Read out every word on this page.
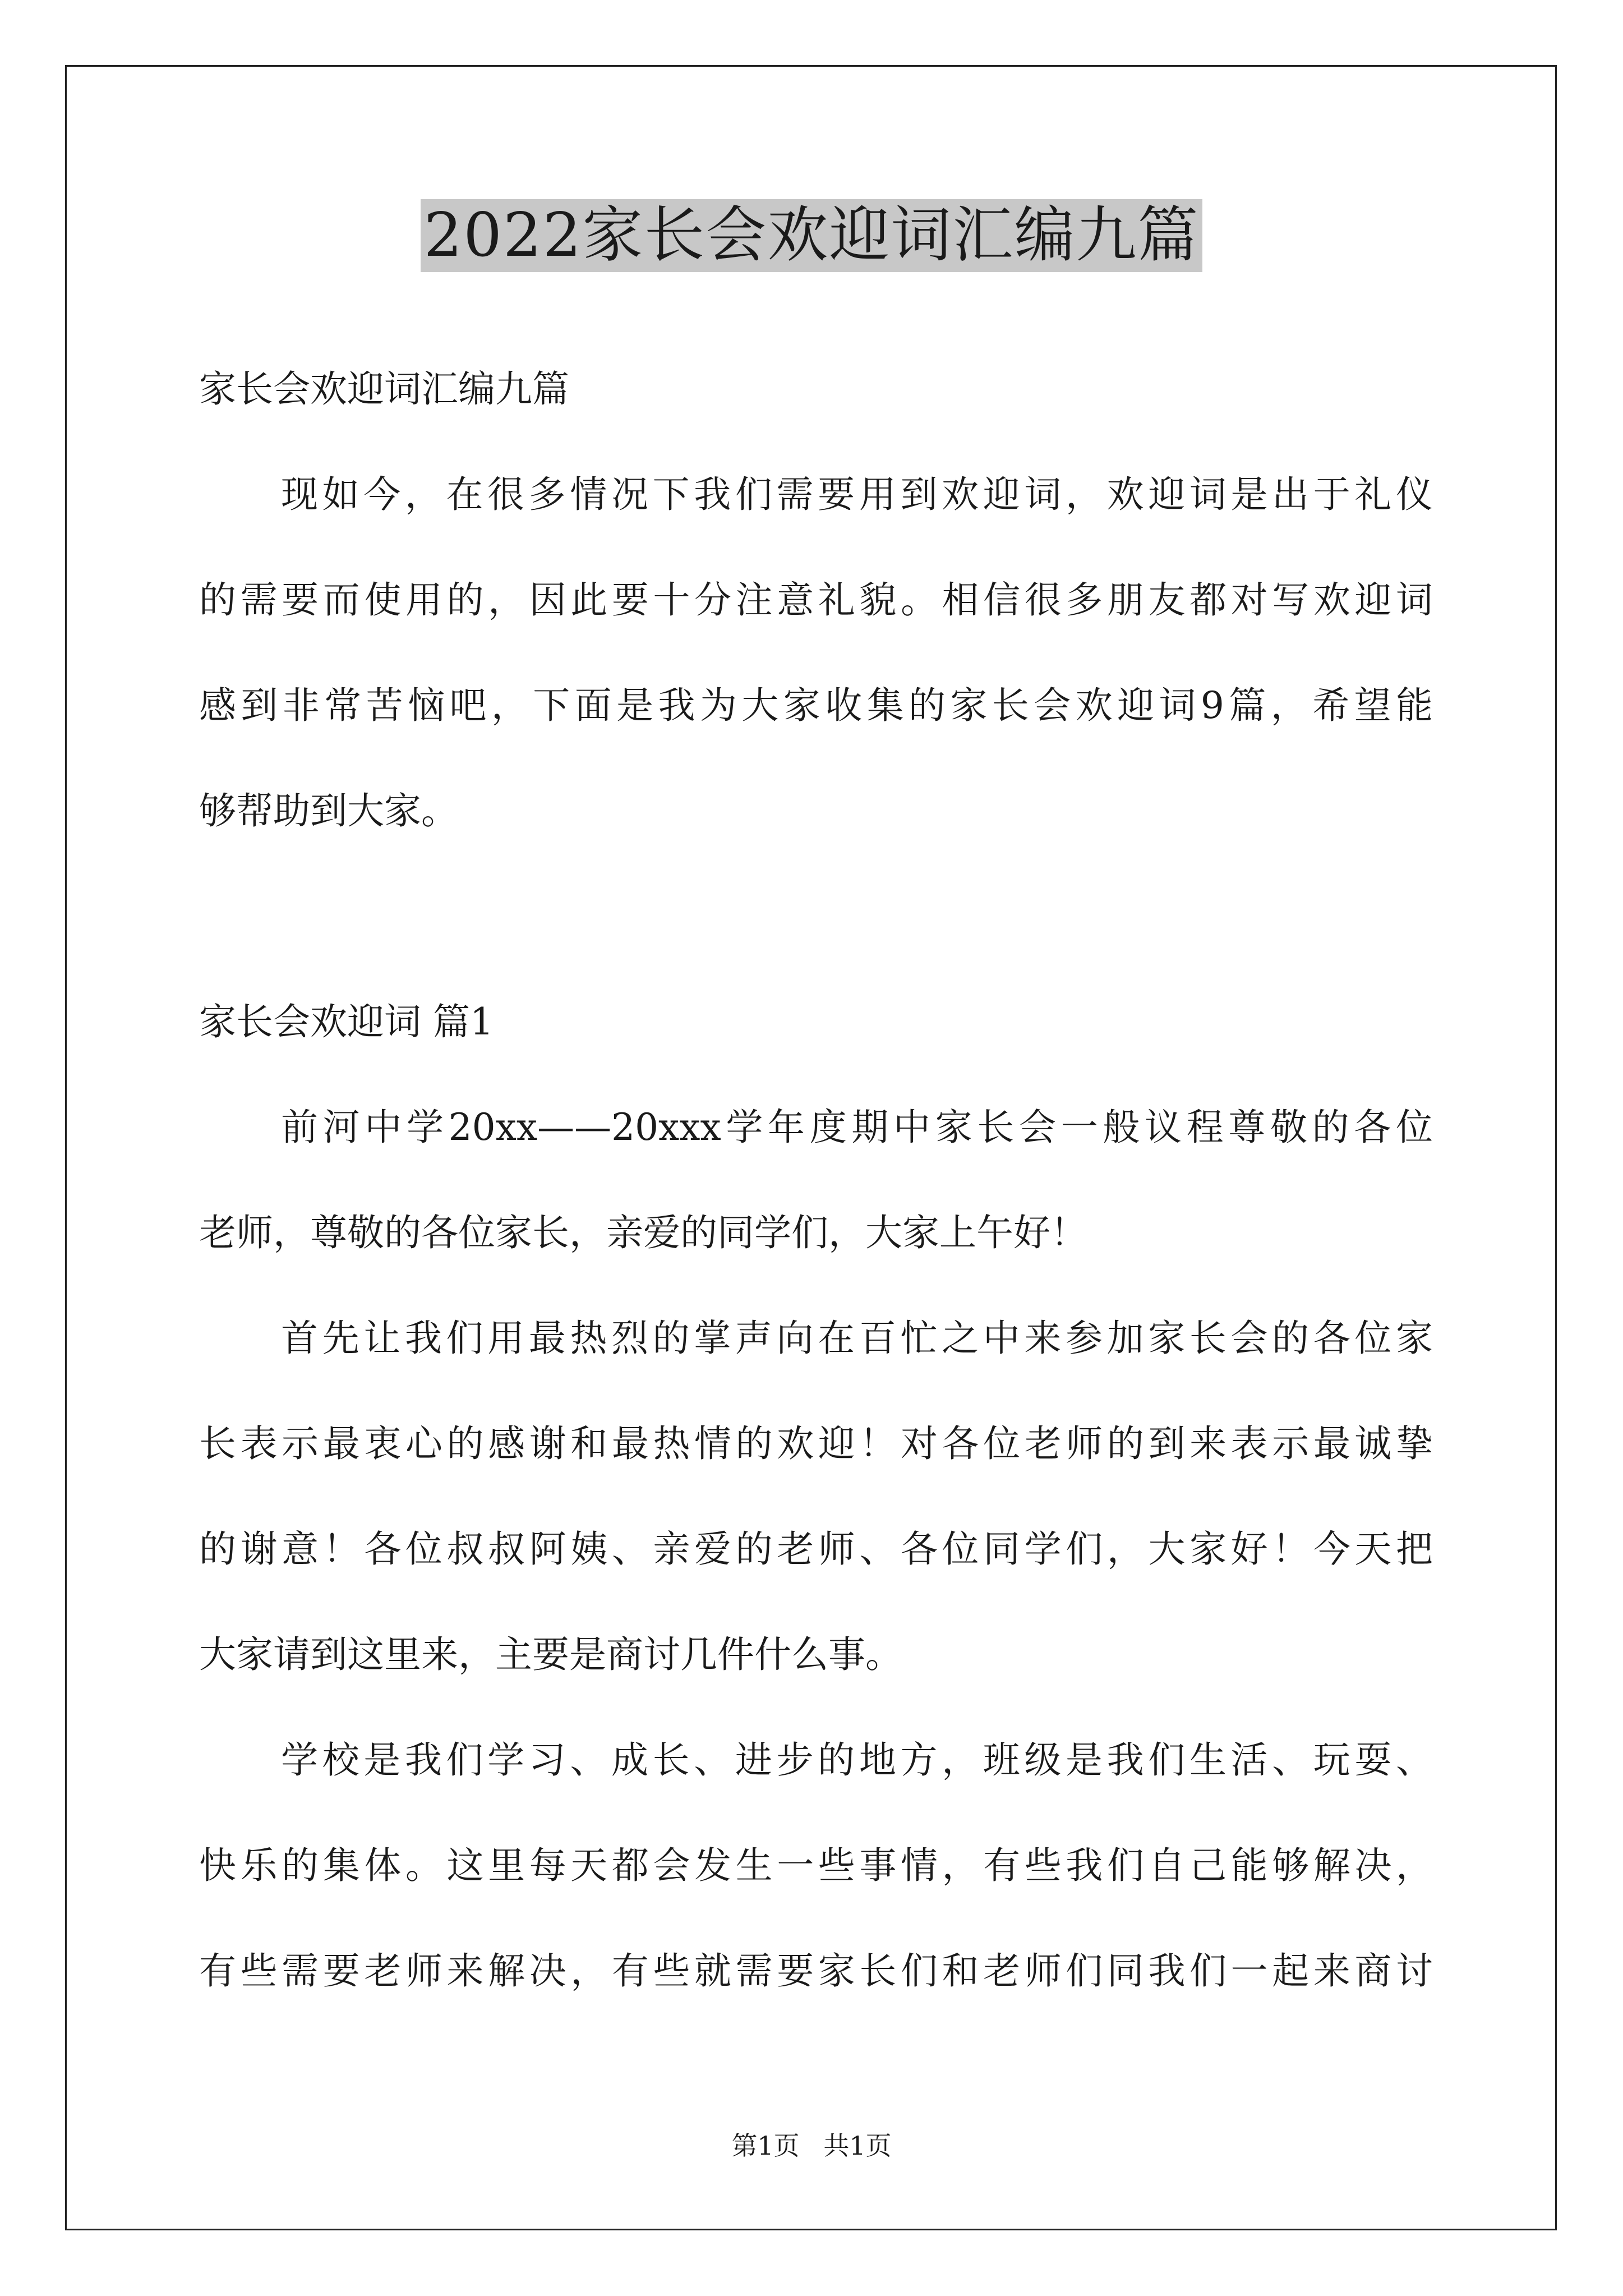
2022家长会欢迎词汇编九篇
家长会欢迎词汇编九篇
现如今，在很多情况下我们需要用到欢迎词，欢迎词是出于礼仪
的需要而使用的，因此要十分注意礼貌。相信很多朋友都对写欢迎词
感到非常苦恼吧，下面是我为大家收集的家长会欢迎词9篇，希望能
够帮助到大家。
家长会欢迎词 篇1
前河中学20xx——20xxx学年度期中家长会一般议程尊敬的各位
老师，尊敬的各位家长，亲爱的同学们，大家上午好！
首先让我们用最热烈的掌声向在百忙之中来参加家长会的各位家
长表示最衷心的感谢和最热情的欢迎！对各位老师的到来表示最诚挚
的谢意！各位叔叔阿姨、亲爱的老师、各位同学们，大家好！今天把
大家请到这里来，主要是商讨几件什么事。
学校是我们学习、成长、进步的地方，班级是我们生活、玩耍、
快乐的集体。这里每天都会发生一些事情，有些我们自己能够解决，
有些需要老师来解决，有些就需要家长们和老师们同我们一起来商讨
第1页 共1页
